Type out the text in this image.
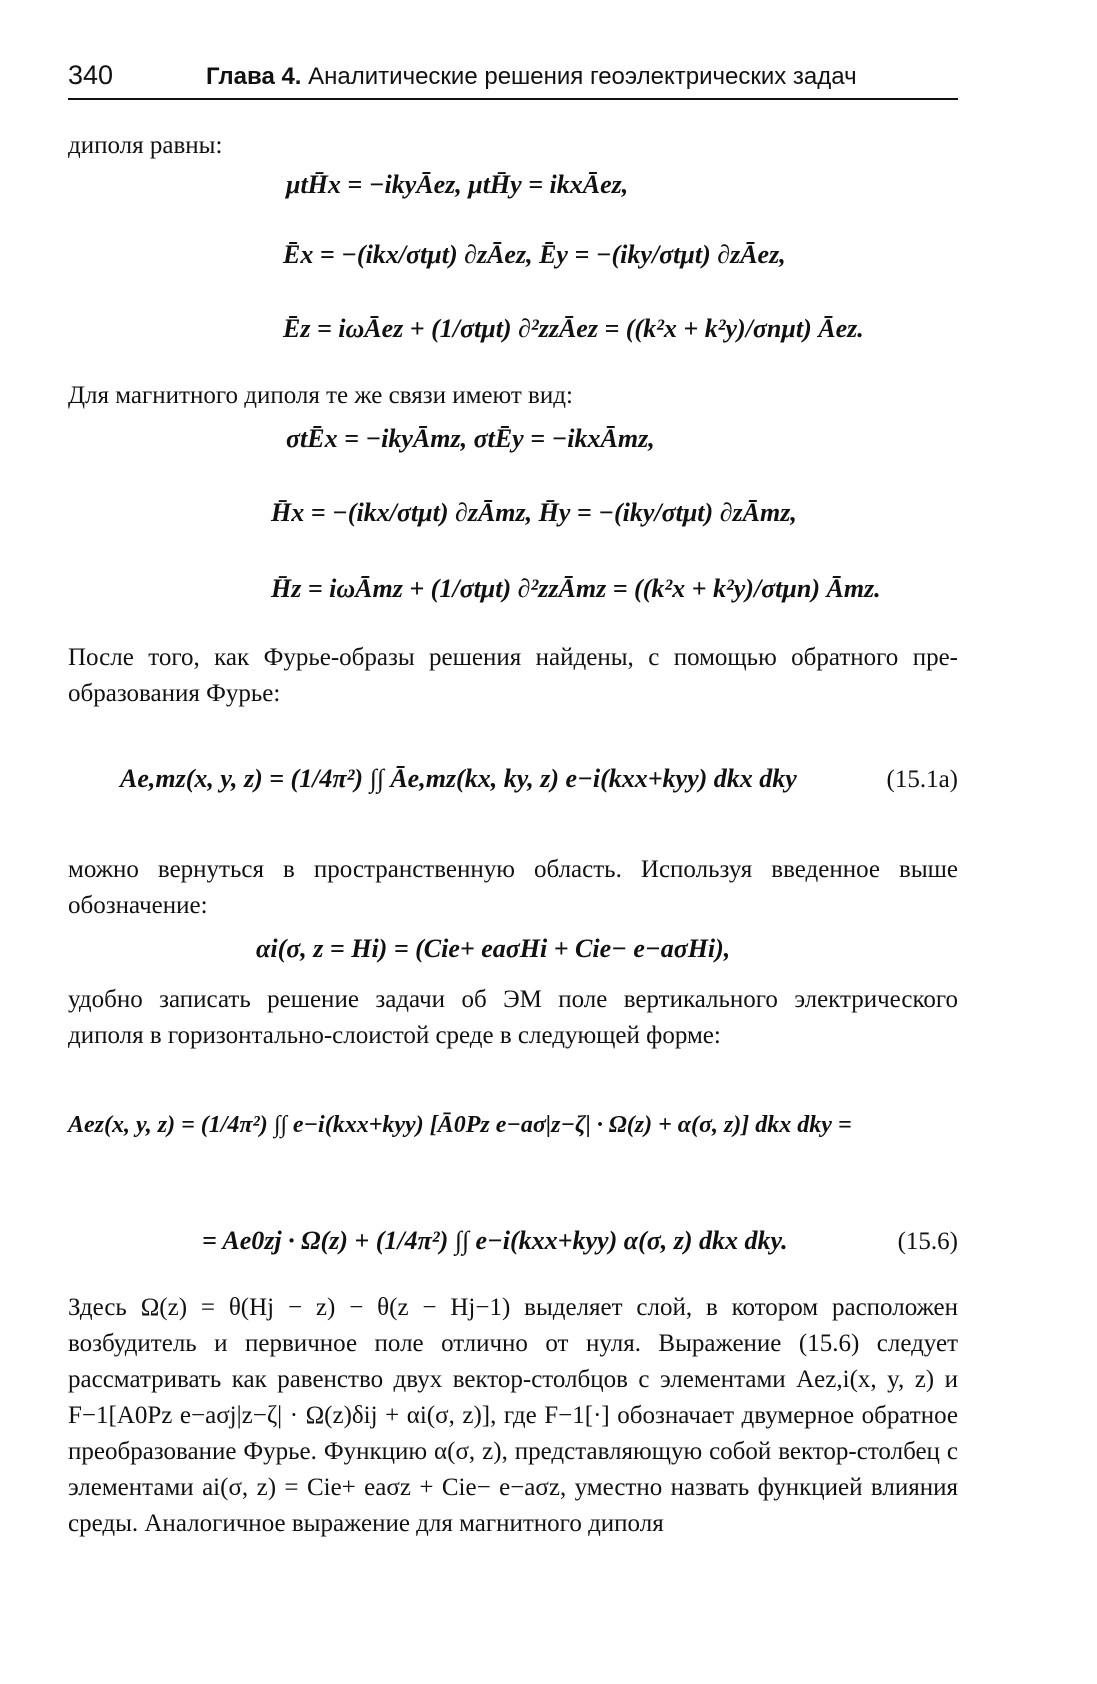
340	Глава 4. Аналитические решения геоэлектрических задач

диполя равны:

μtH̄x = −ikyĀez, μtH̄y = ikxĀez,
Ēx = −(ikx/σtμt) ∂zĀez, Ēy = −(iky/σtμt) ∂zĀez,
Ēz = iωĀez + (1/σtμt) ∂²zzĀez = ((k²x + k²y)/σnμt) Āez.

Для магнитного диполя те же связи имеют вид:

σtĒx = −ikyĀmz, σtĒy = −ikxĀmz,
H̄x = −(ikx/σtμt) ∂zĀmz, H̄y = −(iky/σtμt) ∂zĀmz,
H̄z = iωĀmz + (1/σtμt) ∂²zzĀmz = ((k²x + k²y)/σtμn) Āmz.

После того, как Фурье-образы решения найдены, с помощью обратного преобразования Фурье:

Ae,mz(x, y, z) = (1/4π²) ∫∫ Āe,mz(kx, ky, z) e−i(kxx+kyy) dkx dky	(15.1a)

можно вернуться в пространственную область. Используя введенное выше обозначение:

αi(σ, z = Hi) = (Cie+ eaσHi + Cie− e−aσHi),

удобно записать решение задачи об ЭМ поле вертикального электрического диполя в горизонтально-слоистой среде в следующей форме:

Aez(x, y, z) = (1/4π²) ∫∫ e−i(kxx+kyy) [Ā0Pz e−aσ|z−ζ| · Ω(z) + α(σ, z)] dkx dky =
= Ae0zj · Ω(z) + (1/4π²) ∫∫ e−i(kxx+kyy) α(σ, z) dkx dky.	(15.6)

Здесь Ω(z) = θ(Hj − z) − θ(z − Hj−1) выделяет слой, в котором расположен возбудитель и первичное поле отлично от нуля. Выражение (15.6) следует рассматривать как равенство двух вектор-столбцов с элементами Aez,i(x, y, z) и F−1[A0Pz e−aσj|z−ζ| · Ω(z)δij + αi(σ, z)], где F−1[·] обозначает двумерное обратное преобразование Фурье. Функцию α(σ, z), представляющую собой вектор-столбец с элементами ai(σ, z) = Cie+ eaσz + Cie− e−aσz, уместно назвать функцией влияния среды. Аналогичное выражение для магнитного диполя
